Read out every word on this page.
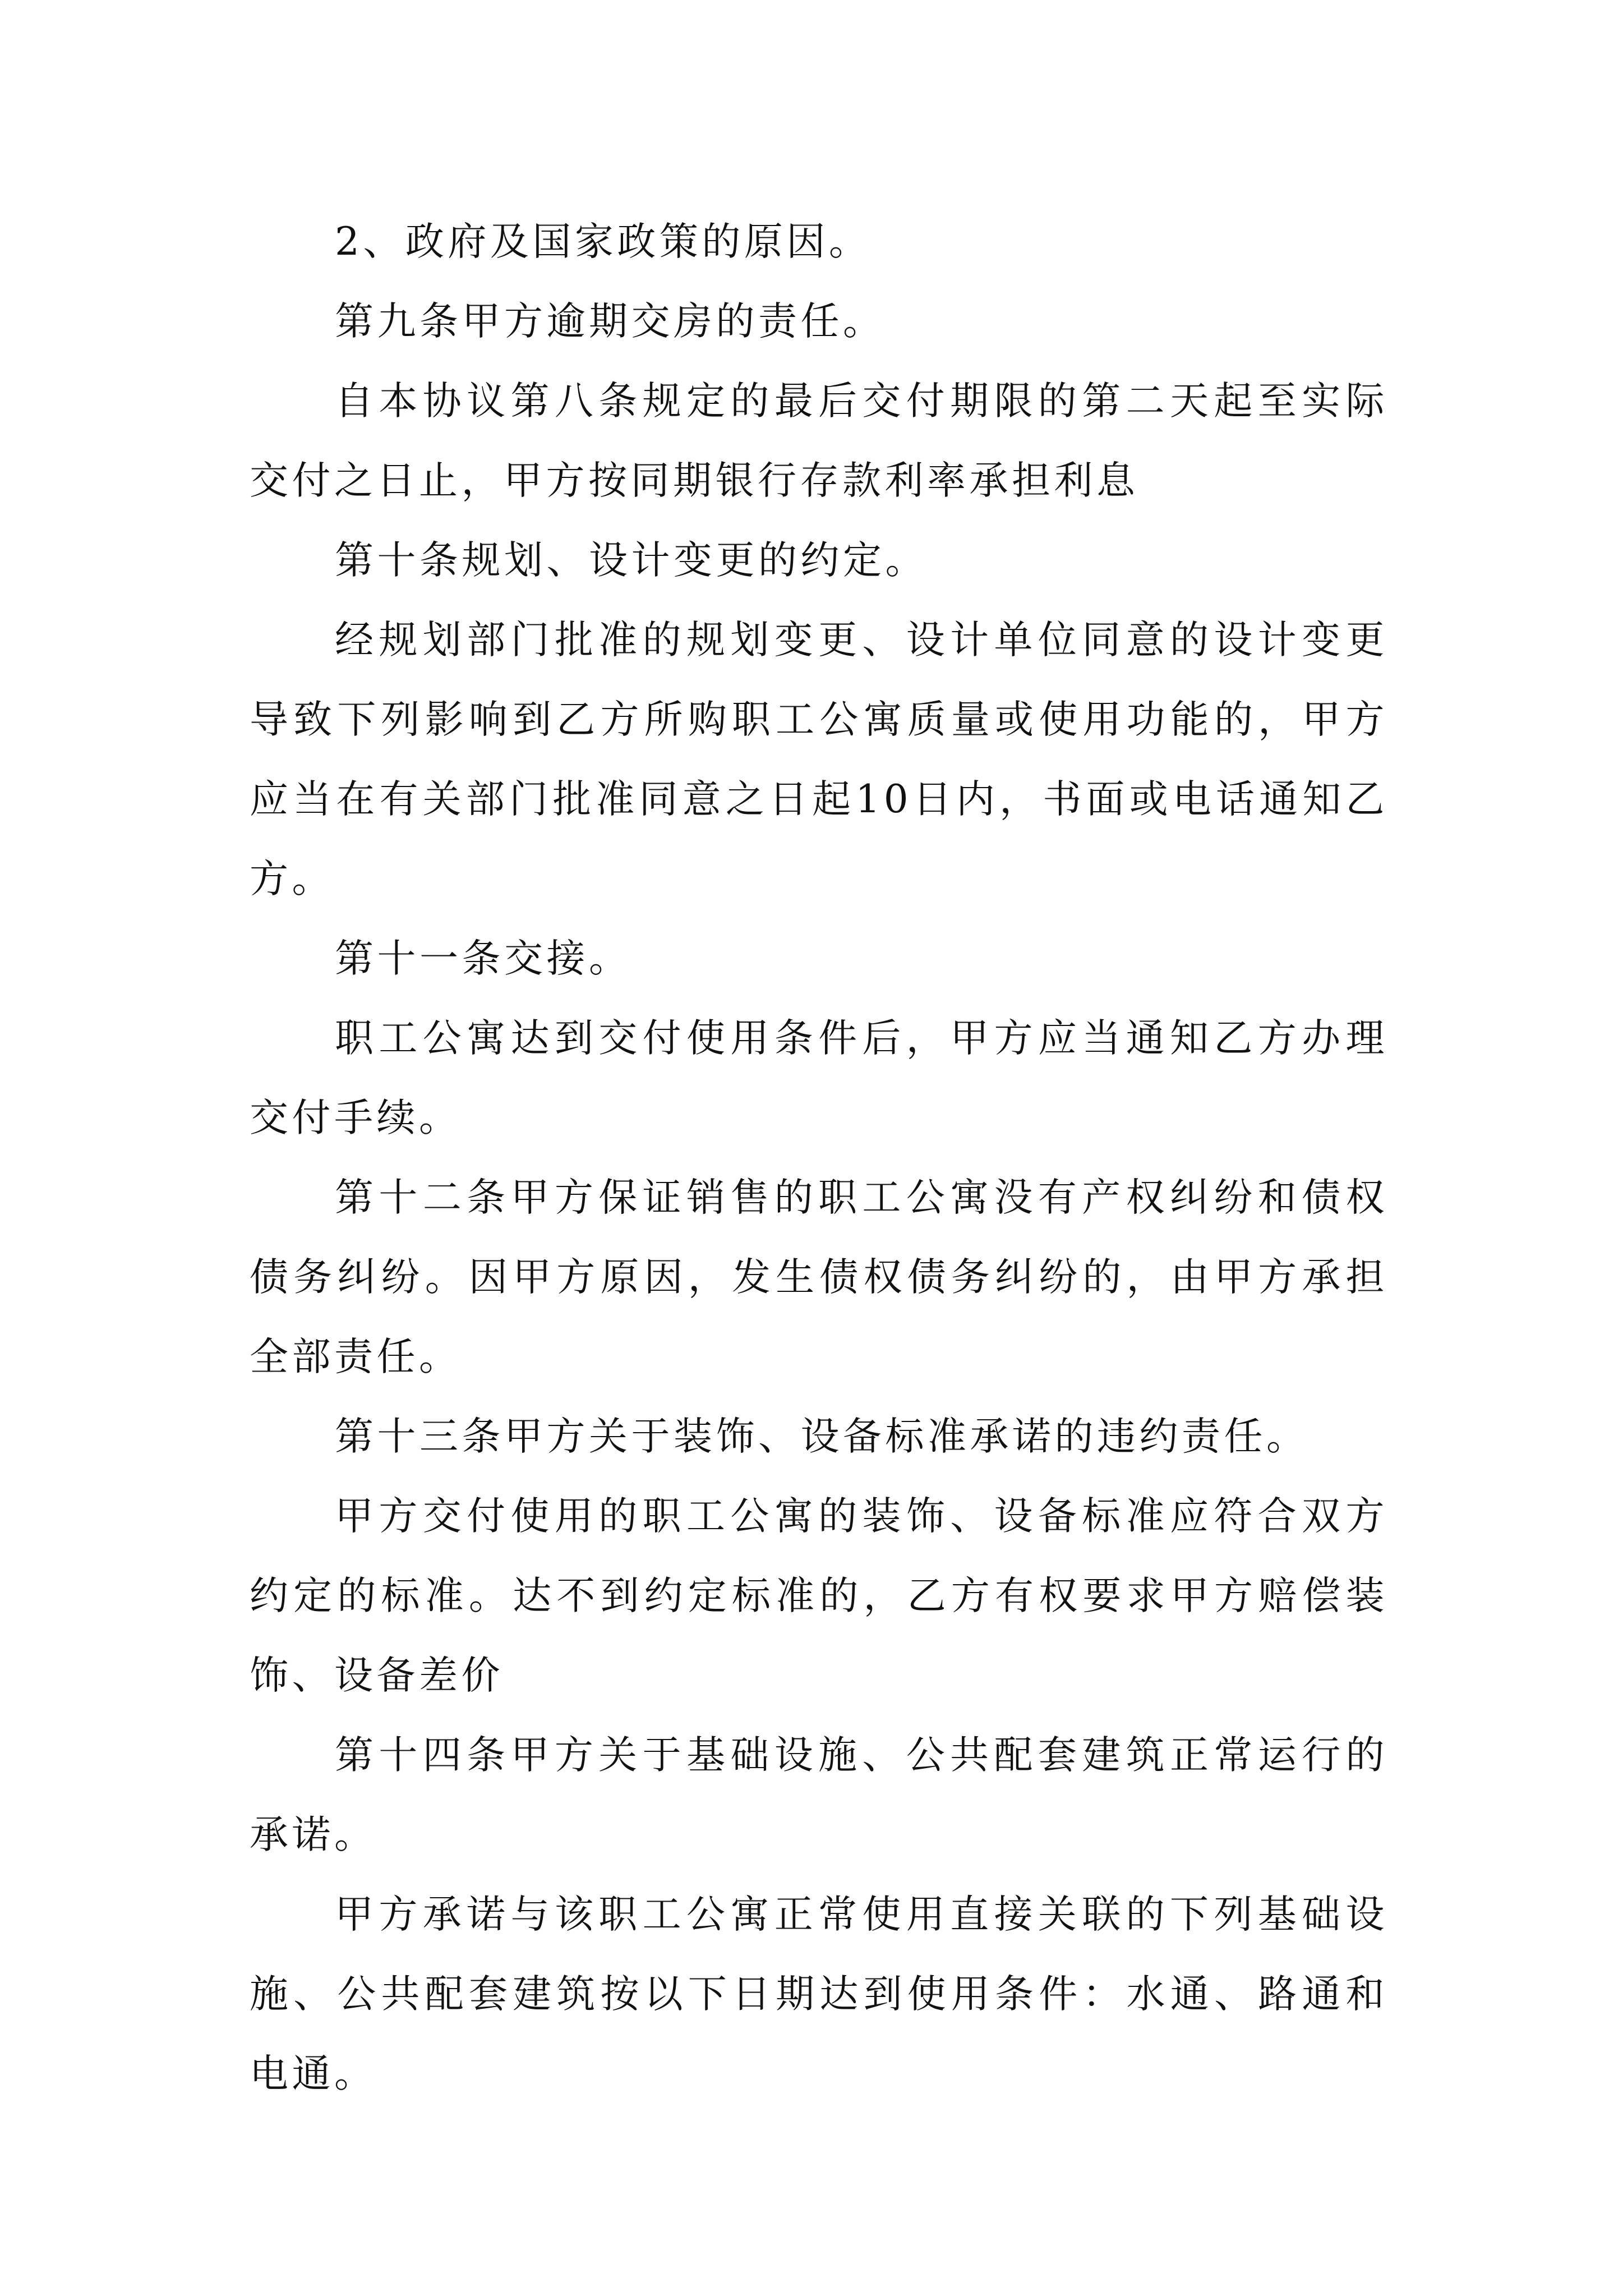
2、政府及国家政策的原因。

第九条甲方逾期交房的责任。

自本协议第八条规定的最后交付期限的第二天起至实际交付之日止，甲方按同期银行存款利率承担利息

第十条规划、设计变更的约定。

经规划部门批准的规划变更、设计单位同意的设计变更导致下列影响到乙方所购职工公寓质量或使用功能的，甲方应当在有关部门批准同意之日起10日内，书面或电话通知乙方。

第十一条交接。

职工公寓达到交付使用条件后，甲方应当通知乙方办理交付手续。

第十二条甲方保证销售的职工公寓没有产权纠纷和债权债务纠纷。因甲方原因，发生债权债务纠纷的，由甲方承担全部责任。

第十三条甲方关于装饰、设备标准承诺的违约责任。

甲方交付使用的职工公寓的装饰、设备标准应符合双方约定的标准。达不到约定标准的，乙方有权要求甲方赔偿装饰、设备差价

第十四条甲方关于基础设施、公共配套建筑正常运行的承诺。

甲方承诺与该职工公寓正常使用直接关联的下列基础设施、公共配套建筑按以下日期达到使用条件：水通、路通和电通。
